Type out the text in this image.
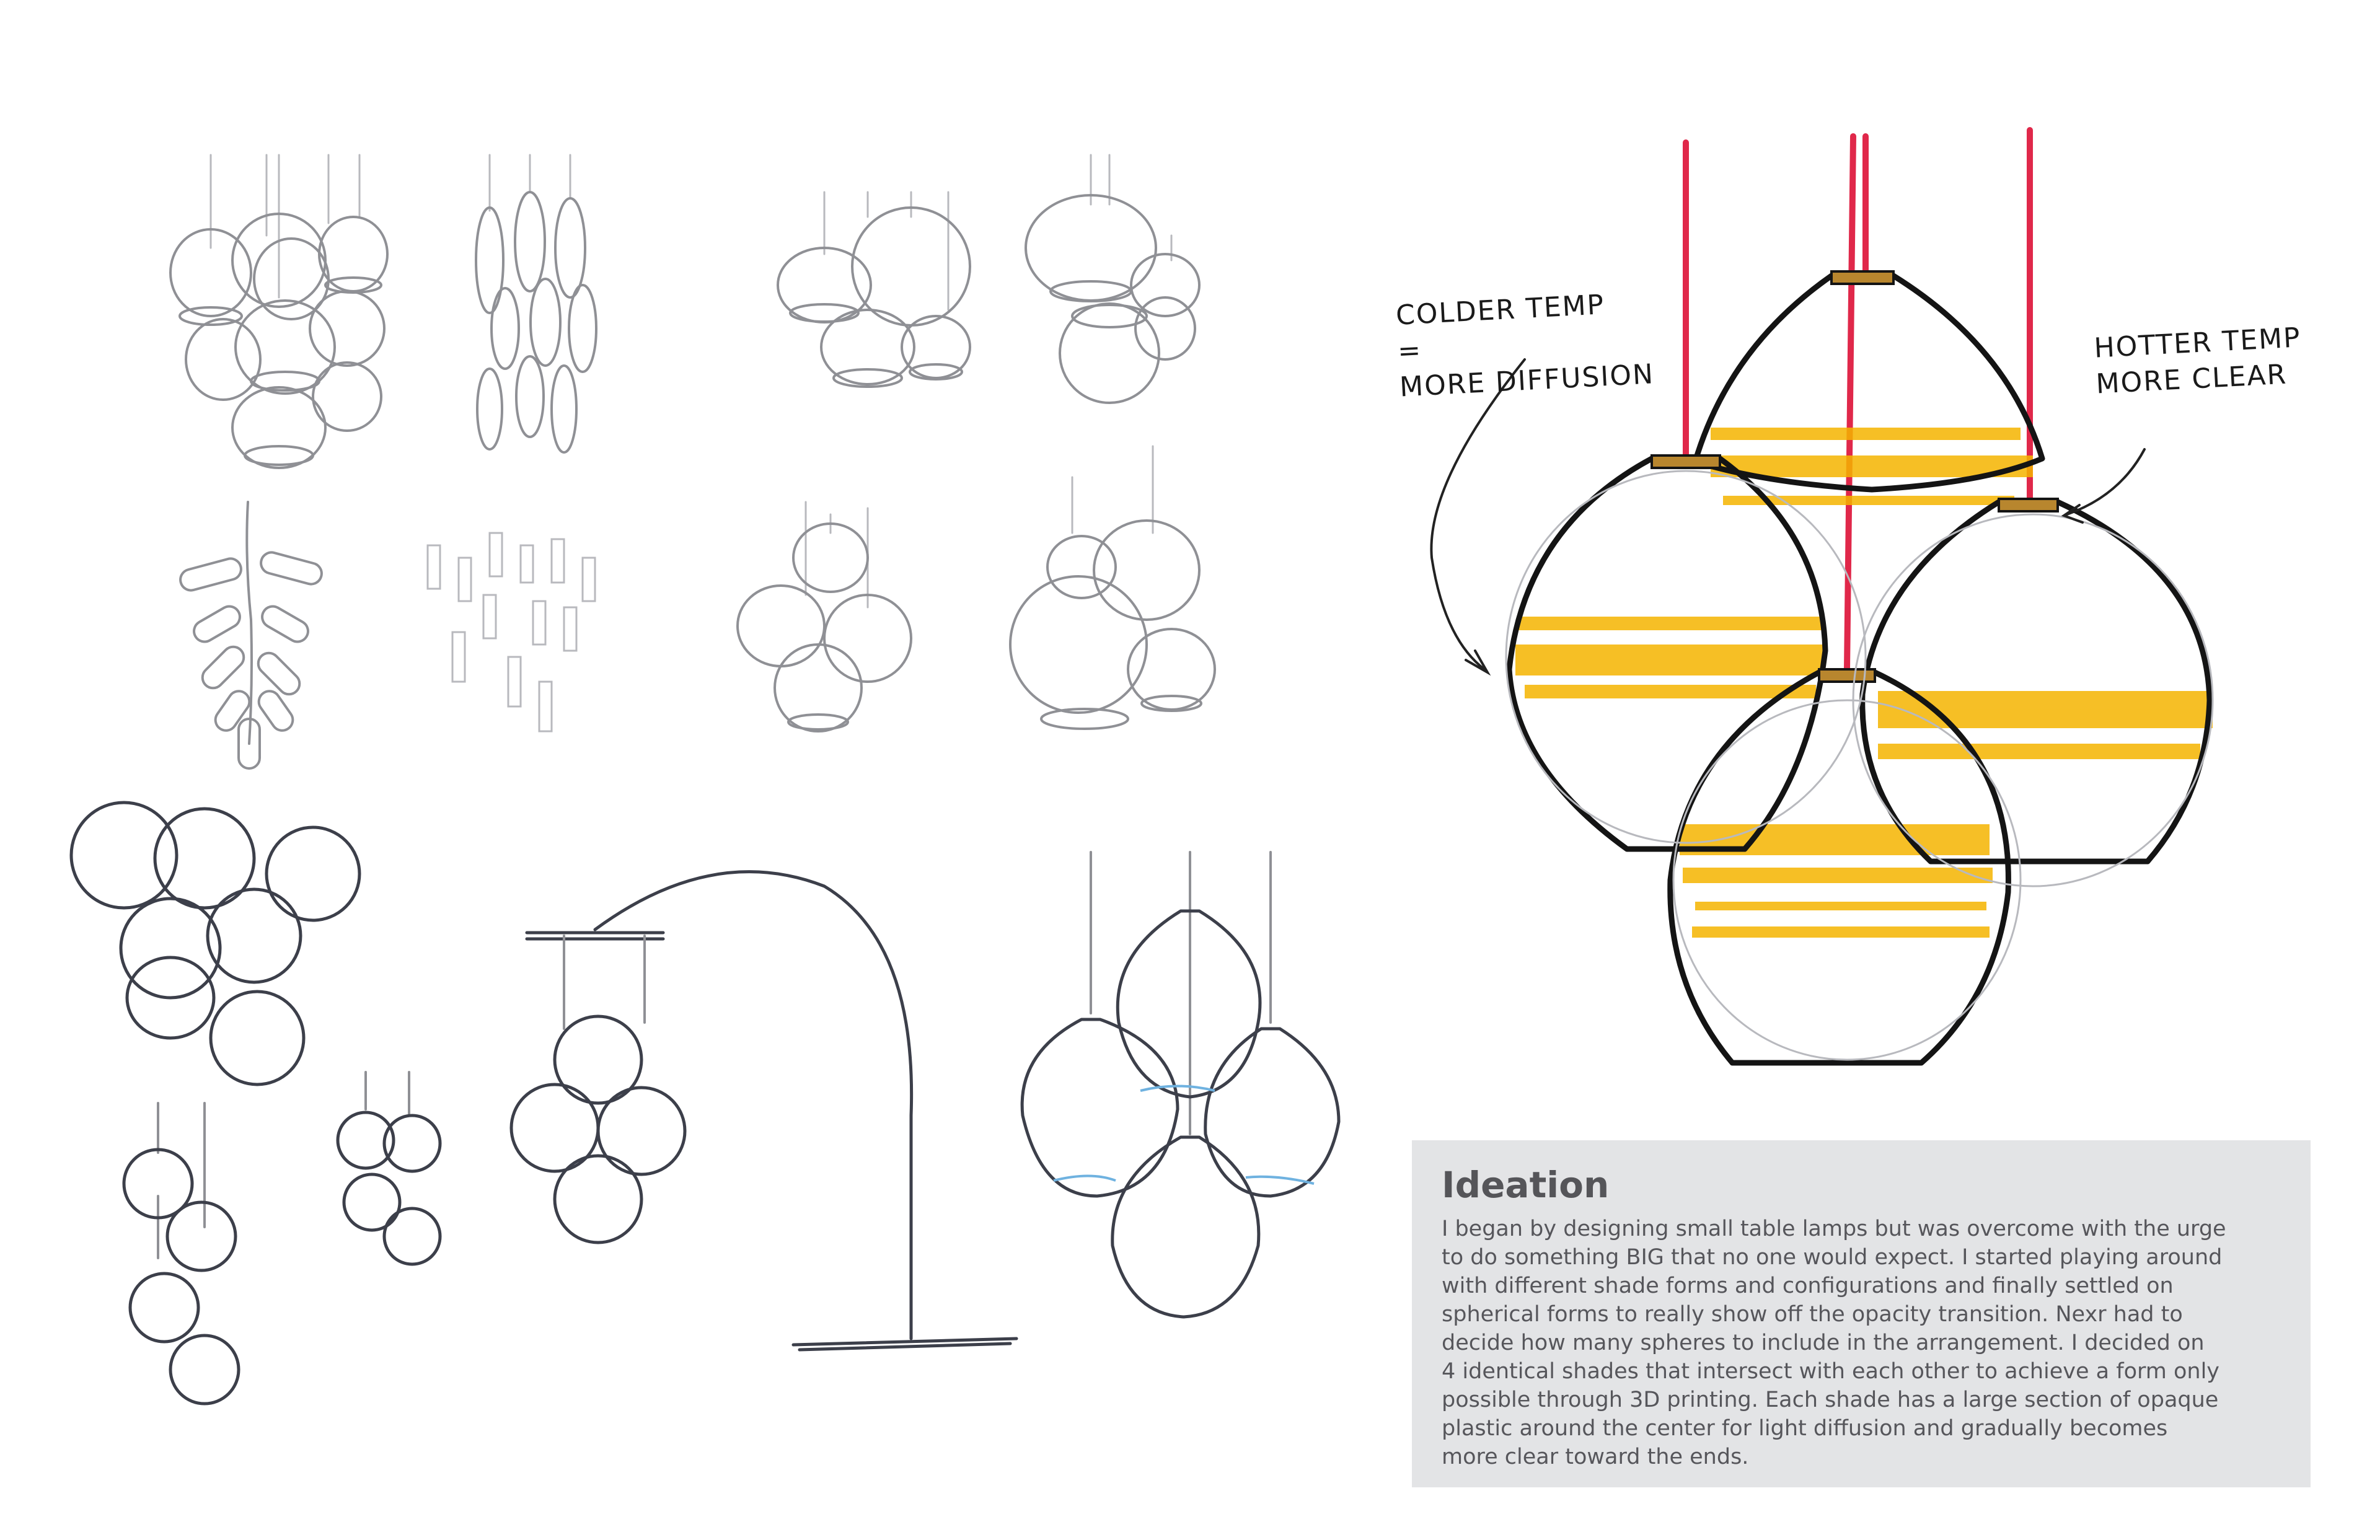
COLDER TEMP
=
MORE DIFFUSION
HOTTER TEMP
MORE CLEAR
Ideation

I began by designing small table lamps but was overcome with the urge
to do something BIG that no one would expect. I started playing around
with different shade forms and configurations and finally settled on
spherical forms to really show off the opacity transition. Nexr had to
decide how many spheres to include in the arrangement. I decided on
4 identical shades that intersect with each other to achieve a form only
possible through 3D printing. Each shade has a large section of opaque
plastic around the center for light diffusion and gradually becomes
more clear toward the ends.
